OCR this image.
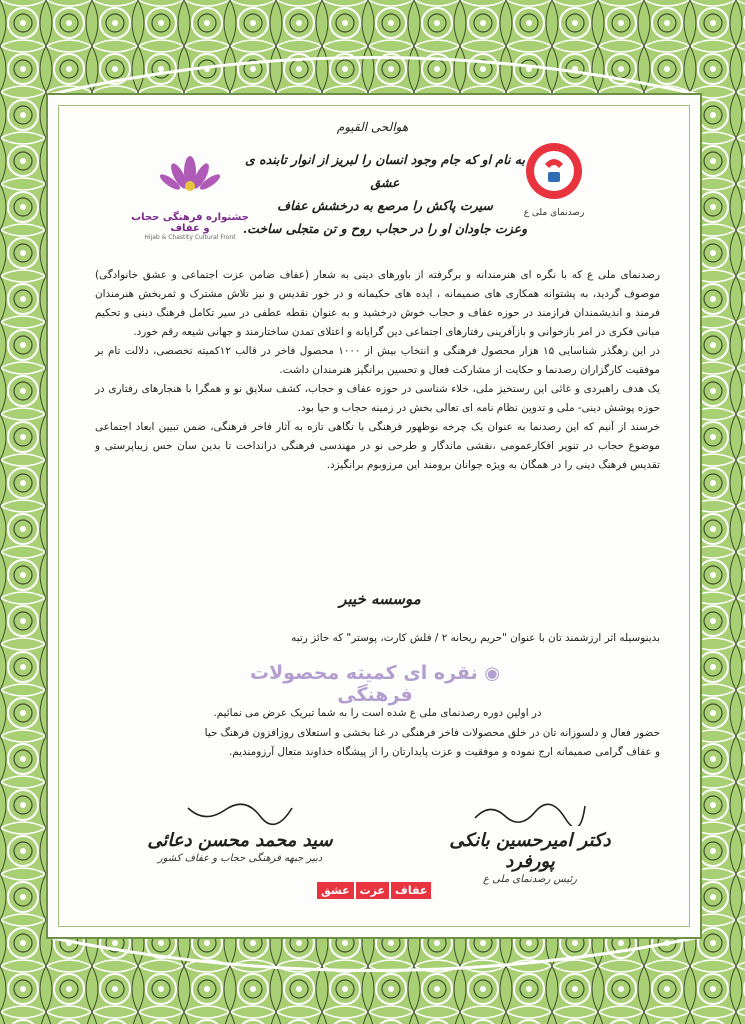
هوالحی القیوم
به نام او که جام وجود انسان را لبریز از انوار تابنده ی عشق
سیرت پاکش را مرصع به درخشش عفاف
وعزت جاودان او را در حجاب روح و تن متجلی ساخت.
رصدنمای ملی ع
جشنواره فرهنگی حجاب و عفاف
Hijab & Chastity Cultural Front

رصدنمای ملی ع که با نگره ای هنرمندانه و برگرفته از باورهای دینی به شعار (عفاف ضامن عزت اجتماعی و عشق خانوادگی) موصوف گردید، به پشتوانه همکاری های صمیمانه ، ایده های حکیمانه و در خور تقدیس و نیز تلاش مشترک و ثمربخش هنرمندان فرمند و اندیشمندان فرازمند در حوزه عفاف و حجاب خوش درخشید و به عنوان نقطه عطفی در سیر تکامل فرهنگ دینی و تحکیم مبانی فکری در امر بازخوانی و بازآفرینی رفتارهای اجتماعی دین گرایانه و اعتلای تمدن ساختارمند و جهانی شیعه رقم خورد.

در این رهگذر شناسایی ۱۵ هزار محصول فرهنگی و انتخاب بیش از ۱۰۰۰ محصول فاخر در قالب ۱۲کمیته تخصصی، دلالت تام بر موفقیت کارگزاران رصدنما و حکایت از مشارکت فعال و تحسین برانگیز هنرمندان داشت.

یک هدف راهبردی و غائی این رستخیز ملی، خلاء شناسی در حوزه عفاف و حجاب، کشف سلایق نو و همگرا با هنجارهای رفتاری در حوزه پوشش دینی- ملی و تدوین نظام نامه ای تعالی بخش در زمینه حجاب و حیا بود.

خرسند از آنیم که این رصدنما به عنوان یک چرخه نوظهور فرهنگی با نگاهی تازه به آثار فاخر فرهنگی، ضمن تبیین ابعاد اجتماعی موضوع حجاب در تنویر افکارعمومی ،نقشی ماندگار و طرحی نو در مهندسی فرهنگی درانداخت تا بدین سان حس زیباپرستی و تقدیس فرهنگ دینی را در همگان به ویژه جوانان برومند این مرزوبوم برانگیزد.

موسسه خیبر
بدینوسیله اثر ارزشمند تان با عنوان "حریم ریحانه ۲ / فلش کارت، پوستر" که حائز رتبه
◉ نقره ای کمیته محصولات فرهنگی
در اولین دوره رصدنمای ملی ع شده است را به شما تبریک عرض می نمائیم.
حضور فعال و دلسوزانه تان در خلق محصولات فاخر فرهنگی در غنا بخشی و استعلای روزافزون فرهنگ حیا
و عفاف گرامی صمیمانه ارج نموده و موفقیت و عزت پایدارتان را از پیشگاه خداوند متعال آرزومندیم.
دکتر امیرحسین بانکی پورفرد
رئیس رصدنمای ملی ع
سید محمد محسن دعائی
دبیر جبهه فرهنگی حجاب و عفاف کشور
عفاف
عزت
عشق
